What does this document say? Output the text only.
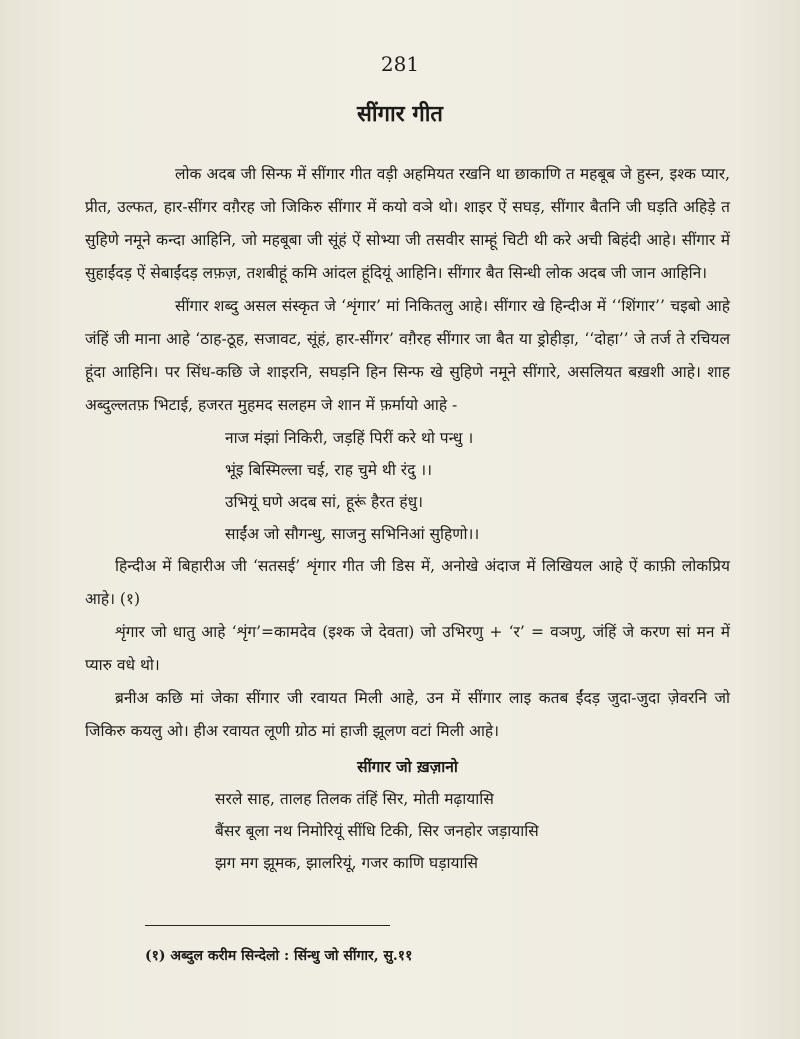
281
सींगार गीत

लोक अदब जी सिन्फ में सींगार गीत वड़ी अहमियत रखनि था छाकाणि त महबूब जे हुस्न, इश्क प्यार, प्रीत, उल्फत, हार-सींगर वग़ैरह जो जिकिरु सींगार में कयो वञे थो। शाइर ऐं सघड़, सींगार बैतनि जी घड़ति अहिड़े त सुहिणे नमूने कन्दा आहिनि, जो महबूबा जी सूंहं ऐं सोभ्या जी तसवीर साम्हूं चिटी थी करे अची बिहंदी आहे। सींगार में सुहाईंदड़ ऐं सेबाईंदड़ लफ़ज़, तशबीहूं कमि आंदल हूंदियूं आहिनि। सींगार बैत सिन्धी लोक अदब जी जान आहिनि।

सींगार शब्दु असल संस्कृत जे ‘शृंगार’ मां निकितलु आहे। सींगार खे हिन्दीअ में ‘‘शिंगार’’ चइबो आहे जंहिं जी माना आहे ‘ठाह-ठूह, सजावट, सूंहं, हार-सींगर’ वग़ैरह सींगार जा बैत या ड्रोहीड़ा, ‘‘दोहा’’ जे तर्ज ते रचियल हूंदा आहिनि। पर सिंध-कछि जे शाइरनि, सघड़नि हिन सिन्फ खे सुहिणे नमूने सींगारे, असलियत बख़शी आहे। शाह अब्दुल्लतफ़ भिटाई, हजरत मुहमद सलहम जे शान में फ़र्मायो आहे -

नाज मंझां निकिरी, जड़हिं पिरीं करे थो पन्धु ।
भूंइ बिस्मिल्ला चई, राह चुमे थी रंदु ।।
उभियूं घणे अदब सां, हूरूं हैरत हंधु।
साईंअ जो सौगन्धु, साजनु सभिनिआं सुहिणो।।

हिन्दीअ में बिहारीअ जी ‘सतसई’ शृंगार गीत जी डिस में, अनोखे अंदाज में लिखियल आहे ऐं काफ़ी लोकप्रिय आहे। (१)

शृंगार जो धातु आहे ‘शृंग’=कामदेव (इश्क जे देवता) जो उभिरणु + ‘र’ = वञणु, जंहिं जे करण सां मन में प्यारु वधे थो।

ब्रनीअ कछि मां जेका सींगार जी रवायत मिली आहे, उन में सींगार लाइ कतब ईंदड़ जुदा-जुदा ज़ेवरनि जो जिकिरु कयलु ओ। हीअ रवायत लूणी ग्रोठ मां हाजी झूलण वटां मिली आहे।

सींगार जो ख़ज़ानो
सरले साह, तालह तिलक तंहिं सिर, मोती मढ़ायासि
बैंसर बूला नथ निमोरियूं सींधि टिकी, सिर जनहोर जड़ायासि
झग मग झूमक, झालरियूं, गजर काणि घड़ायासि
(१) अब्दुल करीम सिन्देलो : सिंन्धु जो सींगार, सु.११
